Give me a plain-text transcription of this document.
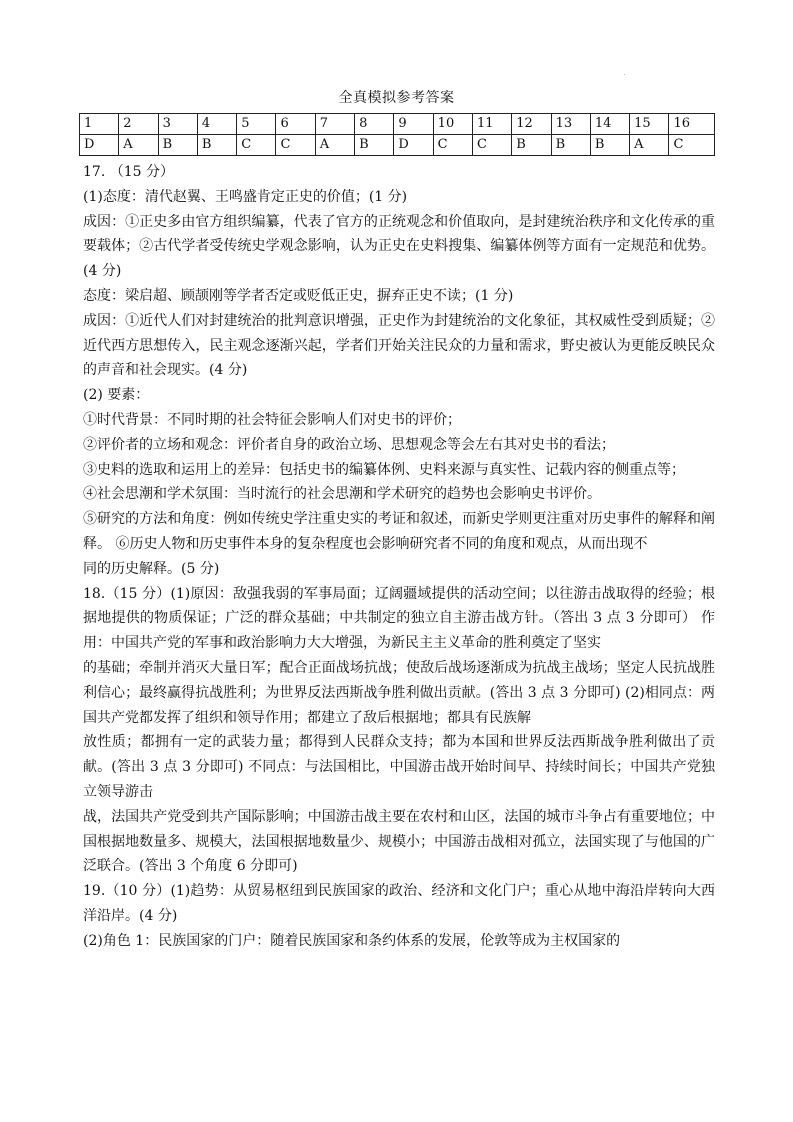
全真模拟参考答案
1	2	3	4	5	6	7	8	9	10	11	12	13	14	15	16
D	A	B	B	C	C	A	B	D	C	C	B	B	B	A	C

17. （15 分）

(1)态度：清代赵翼、王鸣盛肯定正史的价值；(1 分)

成因：①正史多由官方组织编纂，代表了官方的正统观念和价值取向，是封建统治秩序和文化传承的重要载体；②古代学者受传统史学观念影响，认为正史在史料搜集、编纂体例等方面有一定规范和优势。(4 分)

态度：梁启超、顾颉刚等学者否定或贬低正史，摒弃正史不读；(1 分)

成因：①近代人们对封建统治的批判意识增强，正史作为封建统治的文化象征，其权威性受到质疑；②近代西方思想传入，民主观念逐渐兴起，学者们开始关注民众的力量和需求，野史被认为更能反映民众的声音和社会现实。(4 分)

(2) 要素：

①时代背景：不同时期的社会特征会影响人们对史书的评价；

②评价者的立场和观念：评价者自身的政治立场、思想观念等会左右其对史书的看法；

③史料的选取和运用上的差异：包括史书的编纂体例、史料来源与真实性、记载内容的侧重点等；

④社会思潮和学术氛围：当时流行的社会思潮和学术研究的趋势也会影响史书评价。

⑤研究的方法和角度：例如传统史学注重史实的考证和叙述，而新史学则更注重对历史事件的解释和阐释。 ⑥历史人物和历史事件本身的复杂程度也会影响研究者不同的角度和观点，从而出现不

同的历史解释。(5 分)

18.（15 分）(1)原因：敌强我弱的军事局面；辽阔疆域提供的活动空间；以往游击战取得的经验；根据地提供的物质保证；广泛的群众基础；中共制定的独立自主游击战方针。（答出 3 点 3 分即可） 作用：中国共产党的军事和政治影响力大大增强，为新民主主义革命的胜利奠定了坚实

的基础；牵制并消灭大量日军；配合正面战场抗战；使敌后战场逐渐成为抗战主战场；坚定人民抗战胜利信心；最终赢得抗战胜利；为世界反法西斯战争胜利做出贡献。(答出 3 点 3 分即可) (2)相同点：两国共产党都发挥了组织和领导作用；都建立了敌后根据地；都具有民族解

放性质；都拥有一定的武装力量；都得到人民群众支持；都为本国和世界反法西斯战争胜利做出了贡献。(答出 3 点 3 分即可) 不同点：与法国相比，中国游击战开始时间早、持续时间长；中国共产党独立领导游击

战，法国共产党受到共产国际影响；中国游击战主要在农村和山区，法国的城市斗争占有重要地位；中国根据地数量多、规模大，法国根据地数量少、规模小；中国游击战相对孤立，法国实现了与他国的广泛联合。(答出 3 个角度 6 分即可)

19.（10 分）(1)趋势：从贸易枢纽到民族国家的政治、经济和文化门户；重心从地中海沿岸转向大西洋沿岸。(4 分)

(2)角色 1：民族国家的门户：随着民族国家和条约体系的发展，伦敦等成为主权国家的
